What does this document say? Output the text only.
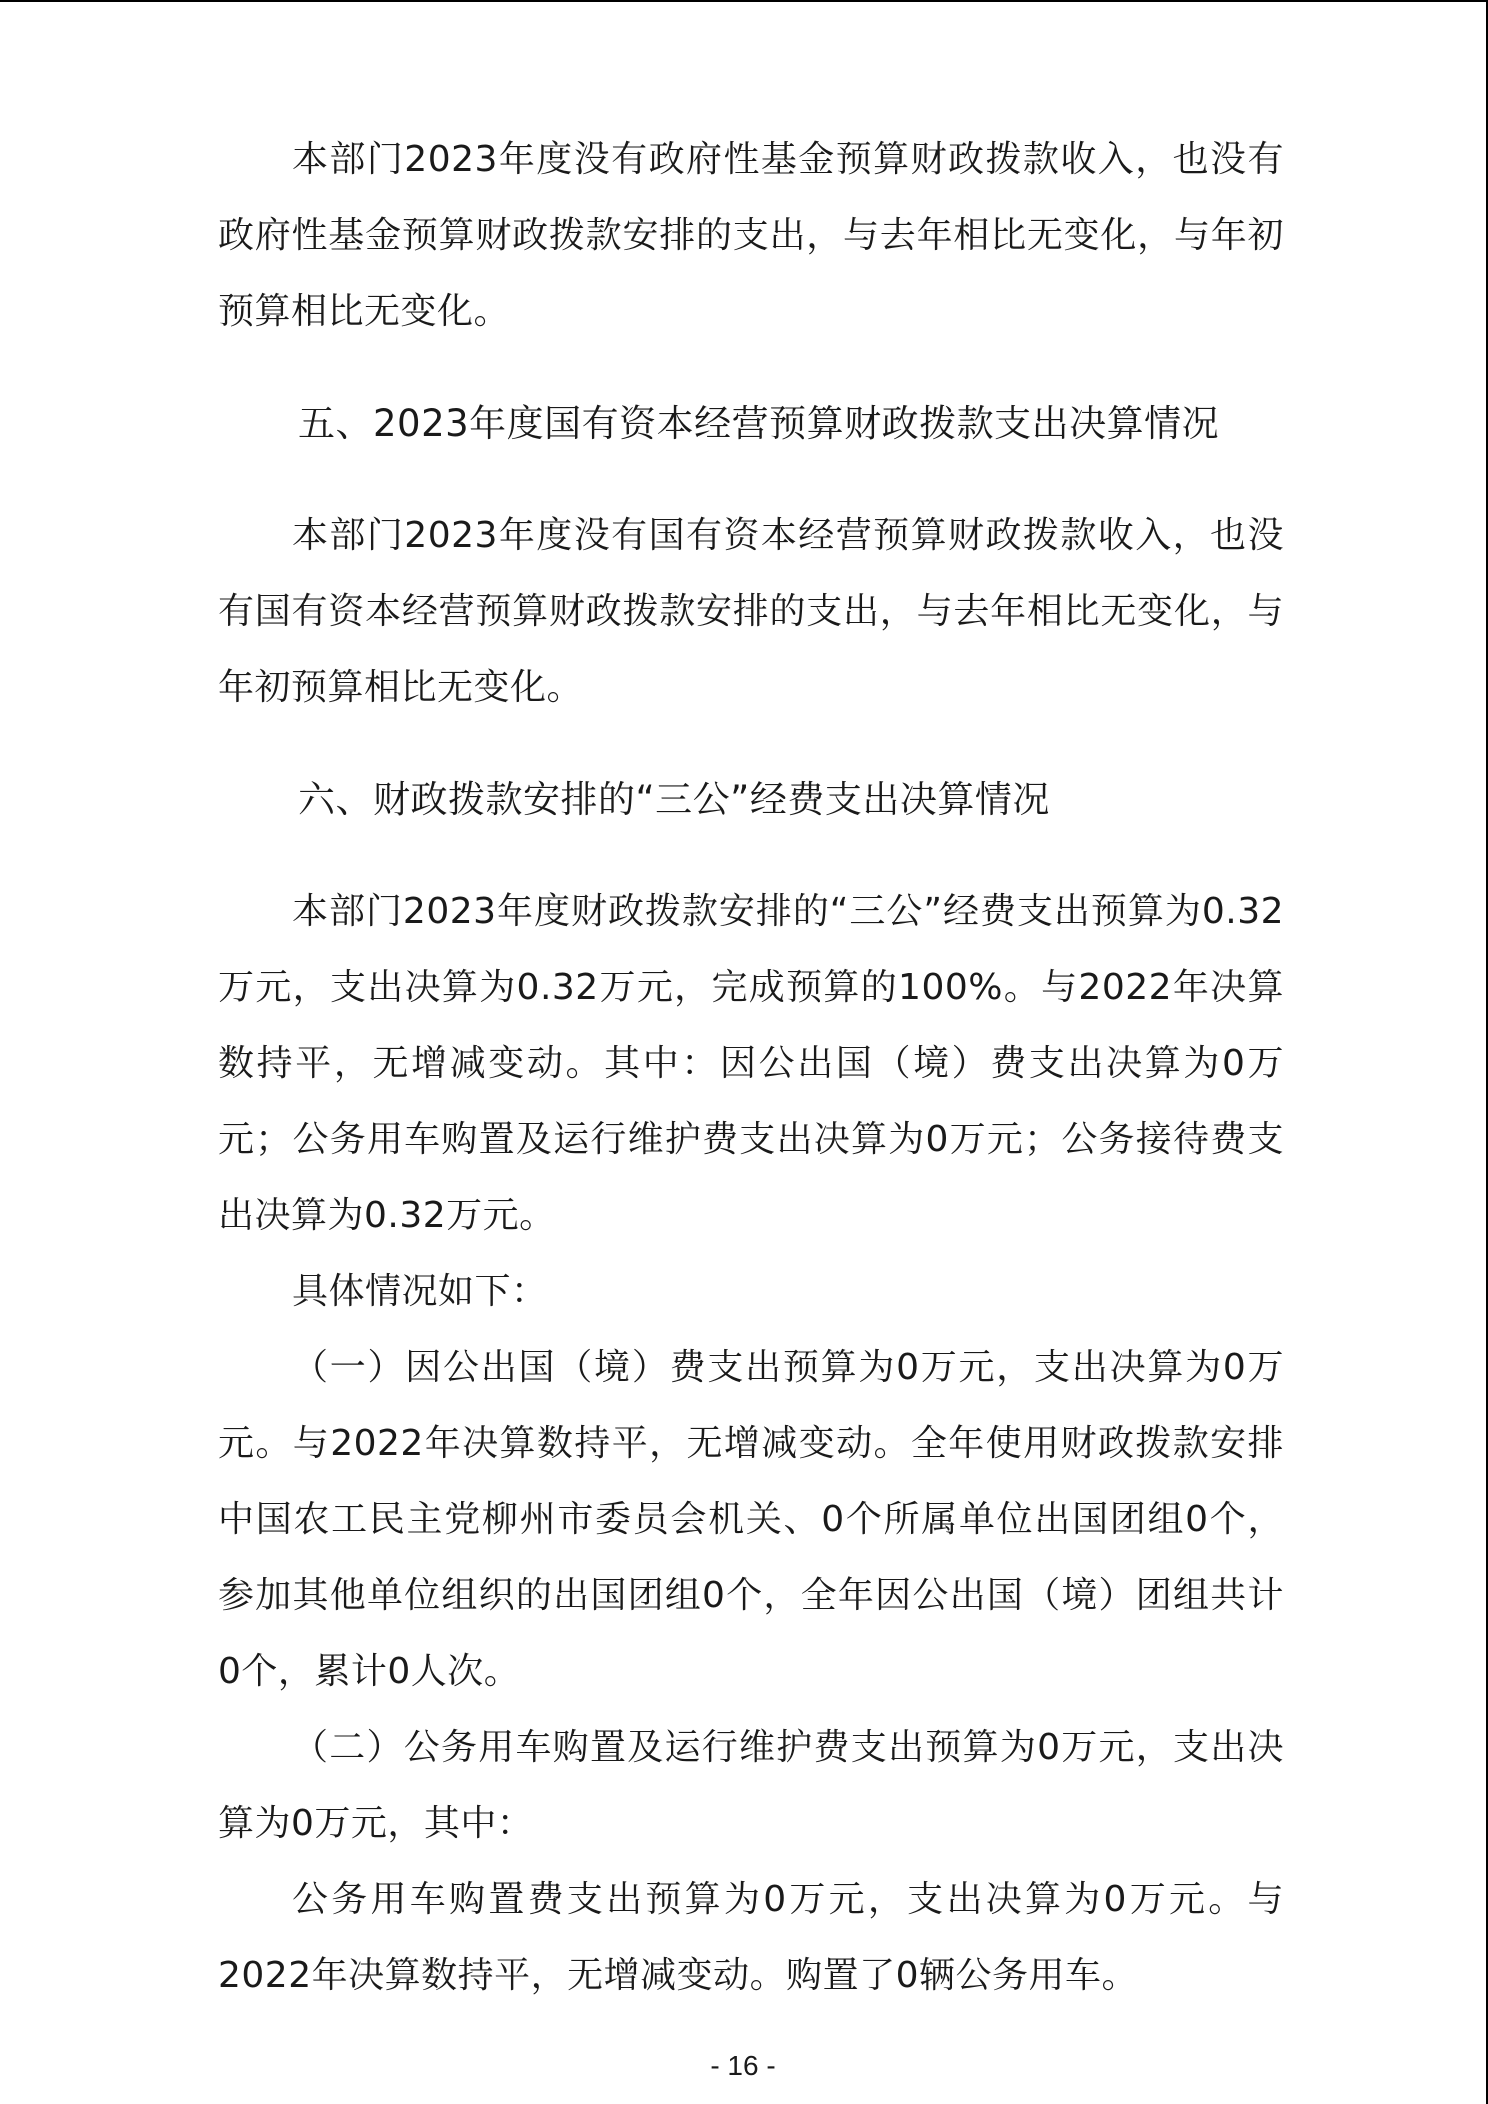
本部门2023年度没有政府性基金预算财政拨款收入，也没有政府性基金预算财政拨款安排的支出，与去年相比无变化，与年初预算相比无变化。

五、2023年度国有资本经营预算财政拨款支出决算情况

本部门2023年度没有国有资本经营预算财政拨款收入，也没有国有资本经营预算财政拨款安排的支出，与去年相比无变化，与年初预算相比无变化。

六、财政拨款安排的“三公”经费支出决算情况

本部门2023年度财政拨款安排的“三公”经费支出预算为0.32万元，支出决算为0.32万元，完成预算的100%。与2022年决算数持平，无增减变动。其中：因公出国（境）费支出决算为0万元；公务用车购置及运行维护费支出决算为0万元；公务接待费支出决算为0.32万元。

具体情况如下：

（一）因公出国（境）费支出预算为0万元，支出决算为0万元。与2022年决算数持平，无增减变动。全年使用财政拨款安排中国农工民主党柳州市委员会机关、0个所属单位出国团组0个，参加其他单位组织的出国团组0个，全年因公出国（境）团组共计0个，累计0人次。

（二）公务用车购置及运行维护费支出预算为0万元，支出决算为0万元，其中：

公务用车购置费支出预算为0万元，支出决算为0万元。与2022年决算数持平，无增减变动。购置了0辆公务用车。

- 16 -
